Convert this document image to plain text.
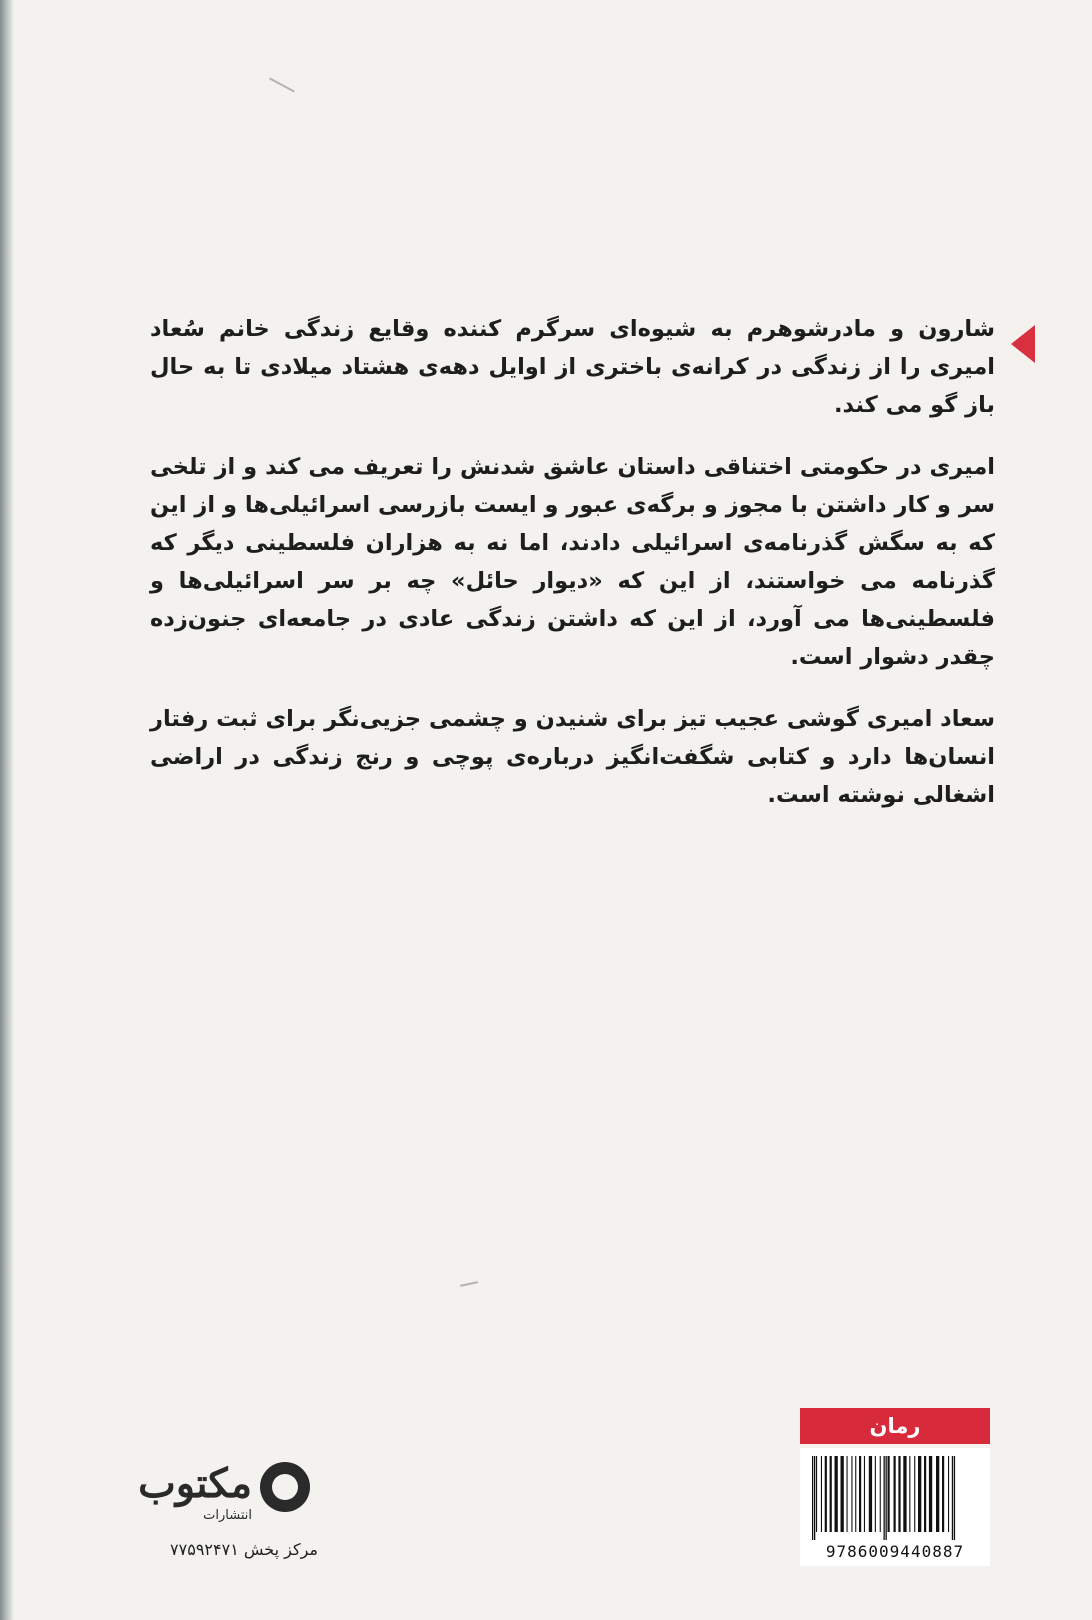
شارون و مادرشوهرم به شیوه‌ای سرگرم کننده وقایع زندگی خانم سُعاد امیری را از زندگی در کرانه‌ی باختری از اوایل دهه‌ی هشتاد میلادی تا به حال باز گو می کند.

امیری در حکومتی اختناقی داستان عاشق شدنش را تعریف می کند و از تلخی سر و کار داشتن با مجوز و برگه‌ی عبور و ایست بازرسی اسرائیلی‌ها و از این که به سگش گذرنامه‌ی اسرائیلی دادند، اما نه به هزاران فلسطینی دیگر که گذرنامه می خواستند، از این که «دیوار حائل» چه بر سر اسرائیلی‌ها و فلسطینی‌ها می آورد، از این که داشتن زندگی عادی در جامعه‌ای جنون‌زده چقدر دشوار است.

سعاد امیری گوشی عجیب تیز برای شنیدن و چشمی جزیی‌نگر برای ثبت رفتار انسان‌ها دارد و کتابی شگفت‌انگیز درباره‌ی پوچی و رنج زندگی در اراضی اشغالی نوشته است.

مکتوب
انتشارات
مرکز پخش ۷۷۵۹۲۴۷۱
رمان
9786009440887
